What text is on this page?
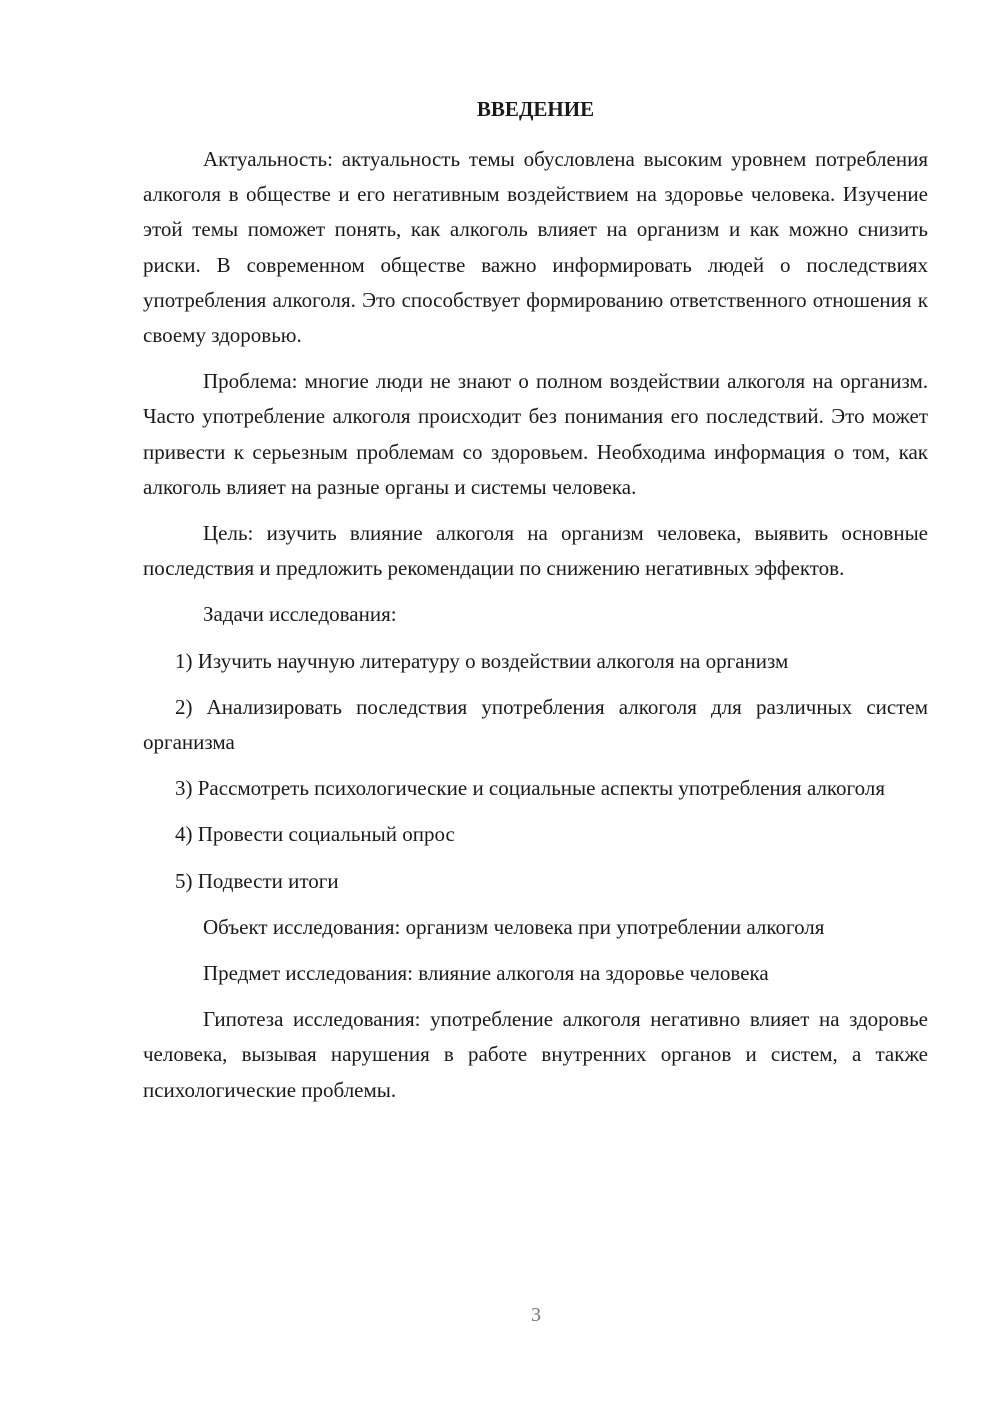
ВВЕДЕНИЕ

Актуальность: актуальность темы обусловлена высоким уровнем потребления алкоголя в обществе и его негативным воздействием на здоровье человека. Изучение этой темы поможет понять, как алкоголь влияет на организм и как можно снизить риски. В современном обществе важно информировать людей о последствиях употребления алкоголя. Это способствует формированию ответственного отношения к своему здоровью.

Проблема: многие люди не знают о полном воздействии алкоголя на организм. Часто употребление алкоголя происходит без понимания его последствий. Это может привести к серьезным проблемам со здоровьем. Необходима информация о том, как алкоголь влияет на разные органы и системы человека.

Цель: изучить влияние алкоголя на организм человека, выявить основные последствия и предложить рекомендации по снижению негативных эффектов.

Задачи исследования:

1) Изучить научную литературу о воздействии алкоголя на организм

2) Анализировать последствия употребления алкоголя для различных систем организма

3) Рассмотреть психологические и социальные аспекты употребления алкоголя

4) Провести социальный опрос

5) Подвести итоги

Объект исследования: организм человека при употреблении алкоголя

Предмет исследования: влияние алкоголя на здоровье человека

Гипотеза исследования: употребление алкоголя негативно влияет на здоровье человека, вызывая нарушения в работе внутренних органов и систем, а также психологические проблемы.

3
